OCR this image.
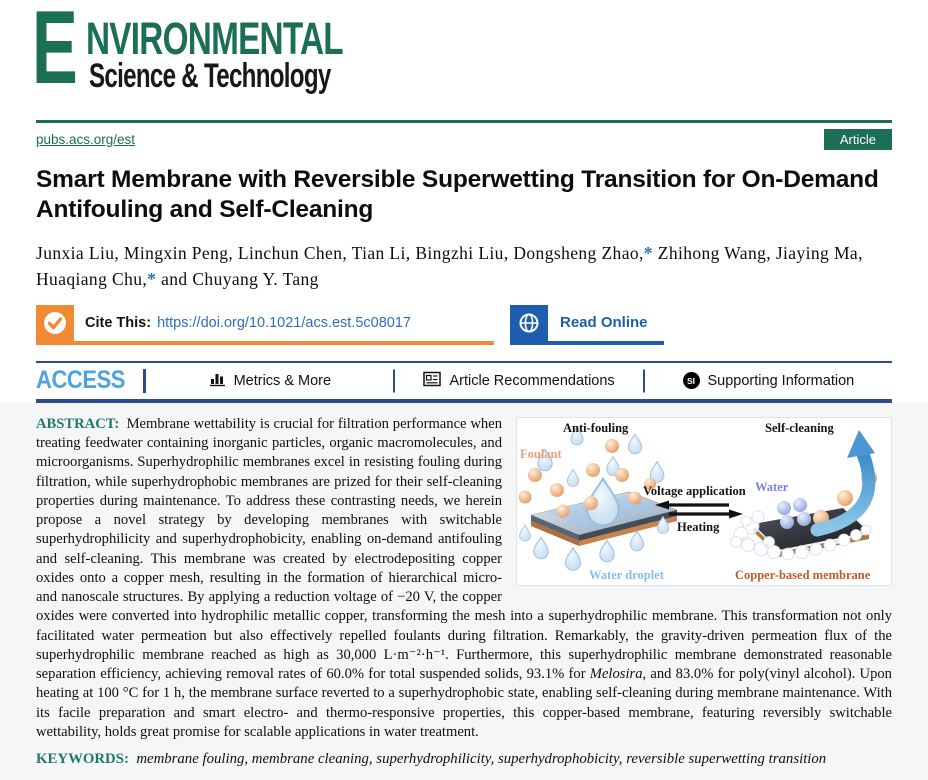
E NVIRONMENTAL
Science & Technology
pubs.acs.org/est	Article
Smart Membrane with Reversible Superwetting Transition for On-Demand Antifouling and Self-Cleaning
Junxia Liu, Mingxin Peng, Linchun Chen, Tian Li, Bingzhi Liu, Dongsheng Zhao,* Zhihong Wang, Jiaying Ma, Huaqiang Chu,* and Chuyang Y. Tang
Cite This: https://doi.org/10.1021/acs.est.5c08017	Read Online
ACCESS	Metrics & More	Article Recommendations	SI Supporting Information
Anti-fouling	Self-cleaning
Foulant
Voltage application
Heating
Water
Water droplet	Copper-based membrane

ABSTRACT:  Membrane wettability is crucial for filtration performance when treating feedwater containing inorganic particles, organic macromolecules, and microorganisms. Superhydrophilic membranes excel in resisting fouling during filtration, while superhydrophobic membranes are prized for their self-cleaning properties during maintenance. To address these contrasting needs, we herein propose a novel strategy by developing membranes with switchable superhydrophilicity and superhydrophobicity, enabling on-demand antifouling and self-cleaning. This membrane was created by electrodepositing copper oxides onto a copper mesh, resulting in the formation of hierarchical micro- and nanoscale structures. By applying a reduction voltage of −20 V, the copper oxides were converted into hydrophilic metallic copper, transforming the mesh into a superhydrophilic membrane. This transformation not only facilitated water permeation but also effectively repelled foulants during filtration. Remarkably, the gravity-driven permeation flux of the superhydrophilic membrane reached as high as 30,000 L·m⁻²·h⁻¹. Furthermore, this superhydrophilic membrane demonstrated reasonable separation efficiency, achieving removal rates of 60.0% for total suspended solids, 93.1% for Melosira, and 83.0% for poly(vinyl alcohol). Upon heating at 100 °C for 1 h, the membrane surface reverted to a superhydrophobic state, enabling self-cleaning during membrane maintenance. With its facile preparation and smart electro- and thermo-responsive properties, this copper-based membrane, featuring reversibly switchable wettability, holds great promise for scalable applications in water treatment.

KEYWORDS:  membrane fouling, membrane cleaning, superhydrophilicity, superhydrophobicity, reversible superwetting transition
